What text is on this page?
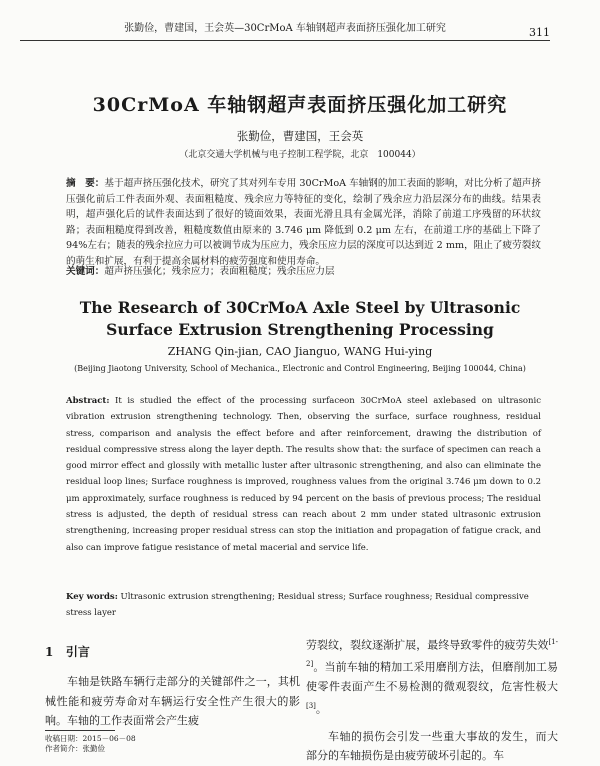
张勤俭，曹建国，王会英—30CrMoA 车轴钢超声表面挤压强化加工研究	311
30CrMoA 车轴钢超声表面挤压强化加工研究
张勤俭，曹建国，王会英
（北京交通大学机械与电子控制工程学院，北京　100044）
摘　要：基于超声挤压强化技术，研究了其对列车专用 30CrMoA 车轴钢的加工表面的影响，对比分析了超声挤压强化前后工件表面外观、表面粗糙度、残余应力等特征的变化，绘制了残余应力沿层深分布的曲线。结果表明，超声强化后的试件表面达到了很好的镜面效果，表面光滑且具有金属光泽，消除了前道工序残留的环状纹路；表面粗糙度得到改善，粗糙度数值由原来的 3.746 μm 降低到 0.2 μm 左右，在前道工序的基础上下降了 94%左右；随表的残余拉应力可以被调节成为压应力，残余压应力层的深度可以达到近 2 mm，阻止了疲劳裂纹的萌生和扩展，有利于提高余属材料的疲劳强度和使用寿命。
关键词：超声挤压强化；残余应力；表面粗糙度；残余压应力层
The Research of 30CrMoA Axle Steel by Ultrasonic
Surface Extrusion Strengthening Processing
ZHANG Qin-jian, CAO Jianguo, WANG Hui-ying
(Beijing Jiaotong University, School of Mechanica., Electronic and Control Engineering, Beijing 100044, China)
Abstract: It is studied the effect of the processing surfaceon 30CrMoA steel axlebased on ultrasonic vibration extrusion strengthening technology. Then, observing the surface, surface roughness, residual stress, comparison and analysis the effect before and after reinforcement, drawing the distribution of residual compressive stress along the layer depth. The results show that: the surface of specimen can reach a good mirror effect and glossily with metallic luster after ultrasonic strengthening, and also can eliminate the residual loop lines; Surface roughness is improved, roughness values from the original 3.746 μm down to 0.2 μm approximately, surface roughness is reduced by 94 percent on the basis of previous process; The residual stress is adjusted, the depth of residual stress can reach about 2 mm under stated ultrasonic extrusion strengthening, increasing proper residual stress can stop the initiation and propagation of fatigue crack, and also can improve fatigue resistance of metal macerial and service life.
Key words: Ultrasonic extrusion strengthening; Residual stress; Surface roughness; Residual compressive stress layer
1 引言

车轴是铁路车辆行走部分的关键部件之一，其机械性能和疲劳寿命对车辆运行安全性产生很大的影响。车轴的工作表面常会产生疲

劳裂纹，裂纹逐渐扩展，最终导致零件的疲劳失效[1-2]。当前车轴的精加工采用磨削方法，但磨削加工易使零件表面产生不易检测的微观裂纹，危害性极大[3]。

车轴的损伤会引发一些重大事故的发生，而大部分的车轴损伤是由疲劳破坏引起的。车

收稿日期：2015－06－08
作者简介：张勤俭
